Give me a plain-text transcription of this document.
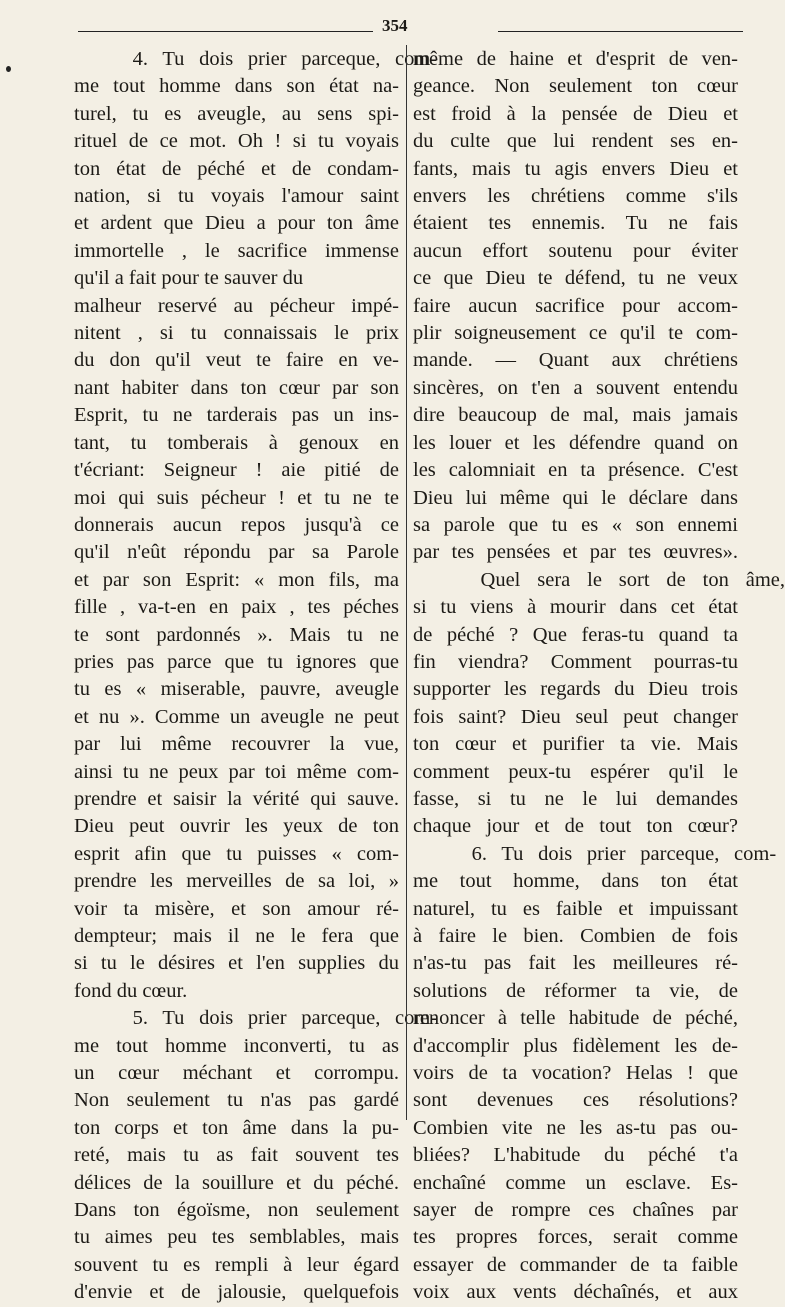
354
4. Tu dois prier parceque, com-
me tout homme dans son état na-
turel, tu es aveugle, au sens spi-
rituel de ce mot. Oh ! si tu voyais
ton état de péché et de condam-
nation, si tu voyais l'amour saint
et ardent que Dieu a pour ton âme
immortelle , le sacrifice immense
qu'il a fait pour te sauver du
malheur reservé au pécheur impé-
nitent , si tu connaissais le prix
du don qu'il veut te faire en ve-
nant habiter dans ton cœur par son
Esprit, tu ne tarderais pas un ins-
tant, tu tomberais à genoux en
t'écriant: Seigneur ! aie pitié de
moi qui suis pécheur ! et tu ne te
donnerais aucun repos jusqu'à ce
qu'il n'eût répondu par sa Parole
et par son Esprit: « mon fils, ma
fille , va-t-en en paix , tes péches
te sont pardonnés ». Mais tu ne
pries pas parce que tu ignores que
tu es « miserable, pauvre, aveugle
et nu ». Comme un aveugle ne peut
par lui même recouvrer la vue,
ainsi tu ne peux par toi même com-
prendre et saisir la vérité qui sauve.
Dieu peut ouvrir les yeux de ton
esprit afin que tu puisses « com-
prendre les merveilles de sa loi, »
voir ta misère, et son amour ré-
dempteur; mais il ne le fera que
si tu le désires et l'en supplies du
fond du cœur.
5. Tu dois prier parceque, com-
me tout homme inconverti, tu as
un cœur méchant et corrompu.
Non seulement tu n'as pas gardé
ton corps et ton âme dans la pu-
reté, mais tu as fait souvent tes
délices de la souillure et du péché.
Dans ton égoïsme, non seulement
tu aimes peu tes semblables, mais
souvent tu es rempli à leur égard
d'envie et de jalousie, quelquefois
même de haine et d'esprit de ven-
geance. Non seulement ton cœur
est froid à la pensée de Dieu et
du culte que lui rendent ses en-
fants, mais tu agis envers Dieu et
envers les chrétiens comme s'ils
étaient tes ennemis. Tu ne fais
aucun effort soutenu pour éviter
ce que Dieu te défend, tu ne veux
faire aucun sacrifice pour accom-
plir soigneusement ce qu'il te com-
mande. — Quant aux chrétiens
sincères, on t'en a souvent entendu
dire beaucoup de mal, mais jamais
les louer et les défendre quand on
les calomniait en ta présence. C'est
Dieu lui même qui le déclare dans
sa parole que tu es « son ennemi
par tes pensées et par tes œuvres».
Quel sera le sort de ton âme,
si tu viens à mourir dans cet état
de péché ? Que feras-tu quand ta
fin viendra? Comment pourras-tu
supporter les regards du Dieu trois
fois saint? Dieu seul peut changer
ton cœur et purifier ta vie. Mais
comment peux-tu espérer qu'il le
fasse, si tu ne le lui demandes
chaque jour et de tout ton cœur?
6. Tu dois prier parceque, com-
me tout homme, dans ton état
naturel, tu es faible et impuissant
à faire le bien. Combien de fois
n'as-tu pas fait les meilleures ré-
solutions de réformer ta vie, de
renoncer à telle habitude de péché,
d'accomplir plus fidèlement les de-
voirs de ta vocation? Helas ! que
sont devenues ces résolutions?
Combien vite ne les as-tu pas ou-
bliées? L'habitude du péché t'a
enchaîné comme un esclave. Es-
sayer de rompre ces chaînes par
tes propres forces, serait comme
essayer de commander de ta faible
voix aux vents déchaînés, et aux
